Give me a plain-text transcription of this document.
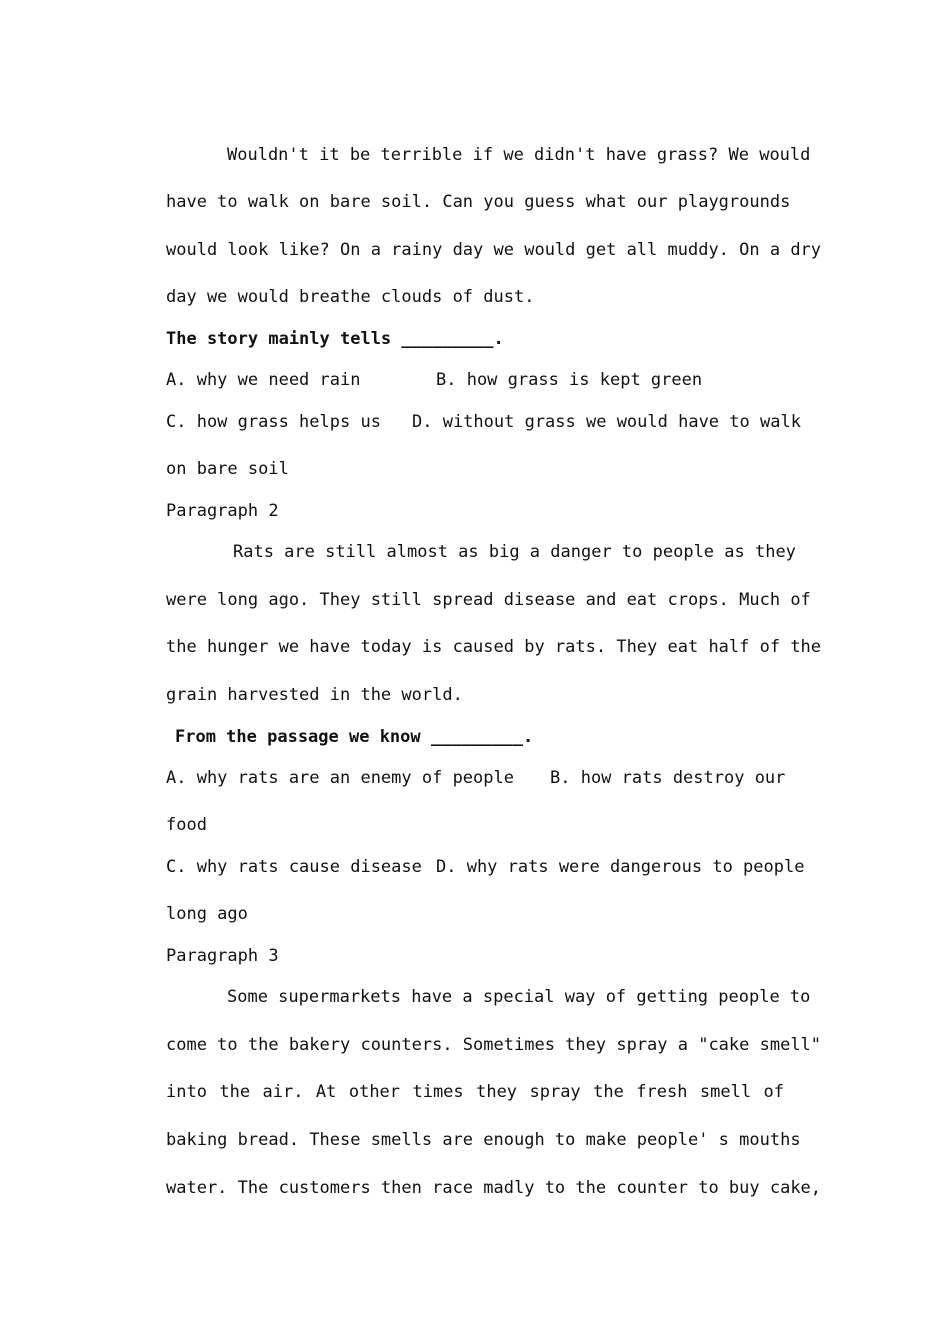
Wouldn't it be terrible if we didn't have grass? We would
have to walk on bare soil. Can you guess what our playgrounds
would look like? On a rainy day we would get all muddy. On a dry
day we would breathe clouds of dust.
The story mainly tells _________.
A. why we need rain	B. how grass is kept green
C. how grass helps us D. without grass we would have to walk
on bare soil
Paragraph 2
Rats are still almost as big a danger to people as they
were long ago. They still spread disease and eat crops. Much of
the hunger we have today is caused by rats. They eat half of the
grain harvested in the world.
From the passage we know _________.
A. why rats are an enemy of people B. how rats destroy our
food
C. why rats cause disease D. why rats were dangerous to people
long ago
Paragraph 3
Some supermarkets have a special way of getting people to
come to the bakery counters. Sometimes they spray a "cake smell"
into the air. At other times they spray the fresh smell of
baking bread. These smells are enough to make people' s mouths
water. The customers then race madly to the counter to buy cake,
